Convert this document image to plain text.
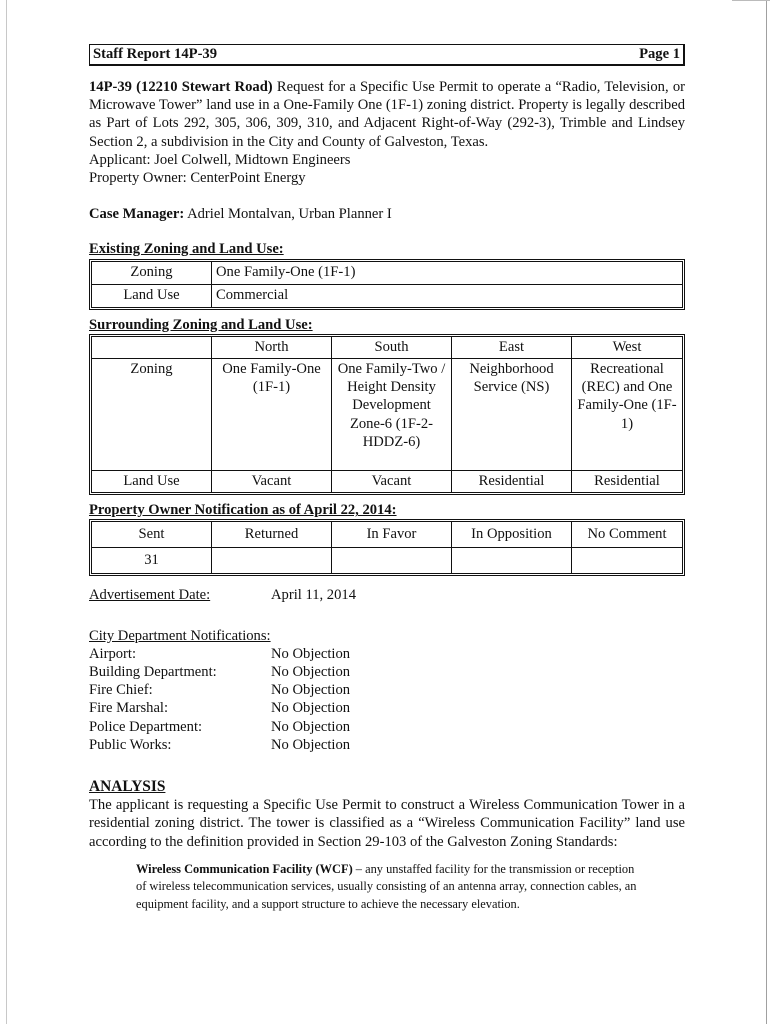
Staff Report 14P-39	Page 1

14P-39 (12210 Stewart Road) Request for a Specific Use Permit to operate a “Radio, Television, or Microwave Tower” land use in a One-Family One (1F-1) zoning district. Property is legally described as Part of Lots 292, 305, 306, 309, 310, and Adjacent Right-of-Way (292-3), Trimble and Lindsey Section 2, a subdivision in the City and County of Galveston, Texas.

Applicant: Joel Colwell, Midtown Engineers

Property Owner: CenterPoint Energy

Case Manager: Adriel Montalvan, Urban Planner I

Existing Zoning and Land Use:
Zoning	One Family-One (1F-1)
Land Use	Commercial
Surrounding Zoning and Land Use:
	North	South	East	West
Zoning	One Family-One (1F-1)	One Family-Two / Height Density Development Zone-6 (1F-2-HDDZ-6)	Neighborhood Service (NS)	Recreational (REC) and One Family-One (1F-1)
Land Use	Vacant	Vacant	Residential	Residential
Property Owner Notification as of April 22, 2014:
Sent	Returned	In Favor	In Opposition	No Comment
31				
Advertisement Date:	April 11, 2014
City Department Notifications:
Airport:	No Objection
Building Department:	No Objection
Fire Chief:	No Objection
Fire Marshal:	No Objection
Police Department:	No Objection
Public Works:	No Objection
ANALYSIS

The applicant is requesting a Specific Use Permit to construct a Wireless Communication Tower in a residential zoning district. The tower is classified as a “Wireless Communication Facility” land use according to the definition provided in Section 29-103 of the Galveston Zoning Standards:

Wireless Communication Facility (WCF) – any unstaffed facility for the transmission or reception of wireless telecommunication services, usually consisting of an antenna array, connection cables, an equipment facility, and a support structure to achieve the necessary elevation.
